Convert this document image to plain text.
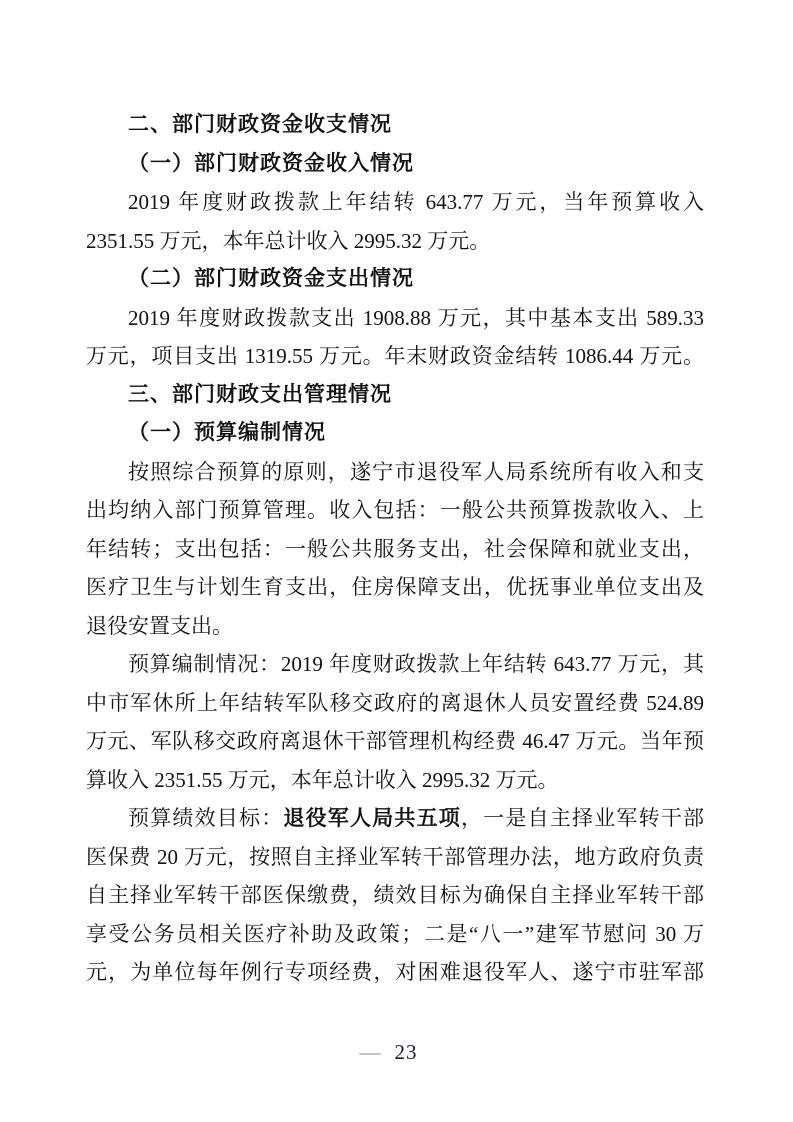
二、部门财政资金收支情况
（一）部门财政资金收入情况
2019 年度财政拨款上年结转 643.77 万元，当年预算收入
2351.55 万元，本年总计收入 2995.32 万元。
（二）部门财政资金支出情况
2019 年度财政拨款支出 1908.88 万元，其中基本支出 589.33
万元，项目支出 1319.55 万元。年末财政资金结转 1086.44 万元。
三、部门财政支出管理情况
（一）预算编制情况
按照综合预算的原则，遂宁市退役军人局系统所有收入和支
出均纳入部门预算管理。收入包括：一般公共预算拨款收入、上
年结转；支出包括：一般公共服务支出，社会保障和就业支出，
医疗卫生与计划生育支出，住房保障支出，优抚事业单位支出及
退役安置支出。
预算编制情况：2019 年度财政拨款上年结转 643.77 万元，其
中市军休所上年结转军队移交政府的离退休人员安置经费 524.89
万元、军队移交政府离退休干部管理机构经费 46.47 万元。当年预
算收入 2351.55 万元，本年总计收入 2995.32 万元。
预算绩效目标：退役军人局共五项，一是自主择业军转干部
医保费 20 万元，按照自主择业军转干部管理办法，地方政府负责
自主择业军转干部医保缴费，绩效目标为确保自主择业军转干部
享受公务员相关医疗补助及政策；二是“八一”建军节慰问 30 万
元，为单位每年例行专项经费，对困难退役军人、遂宁市驻军部
— 23
